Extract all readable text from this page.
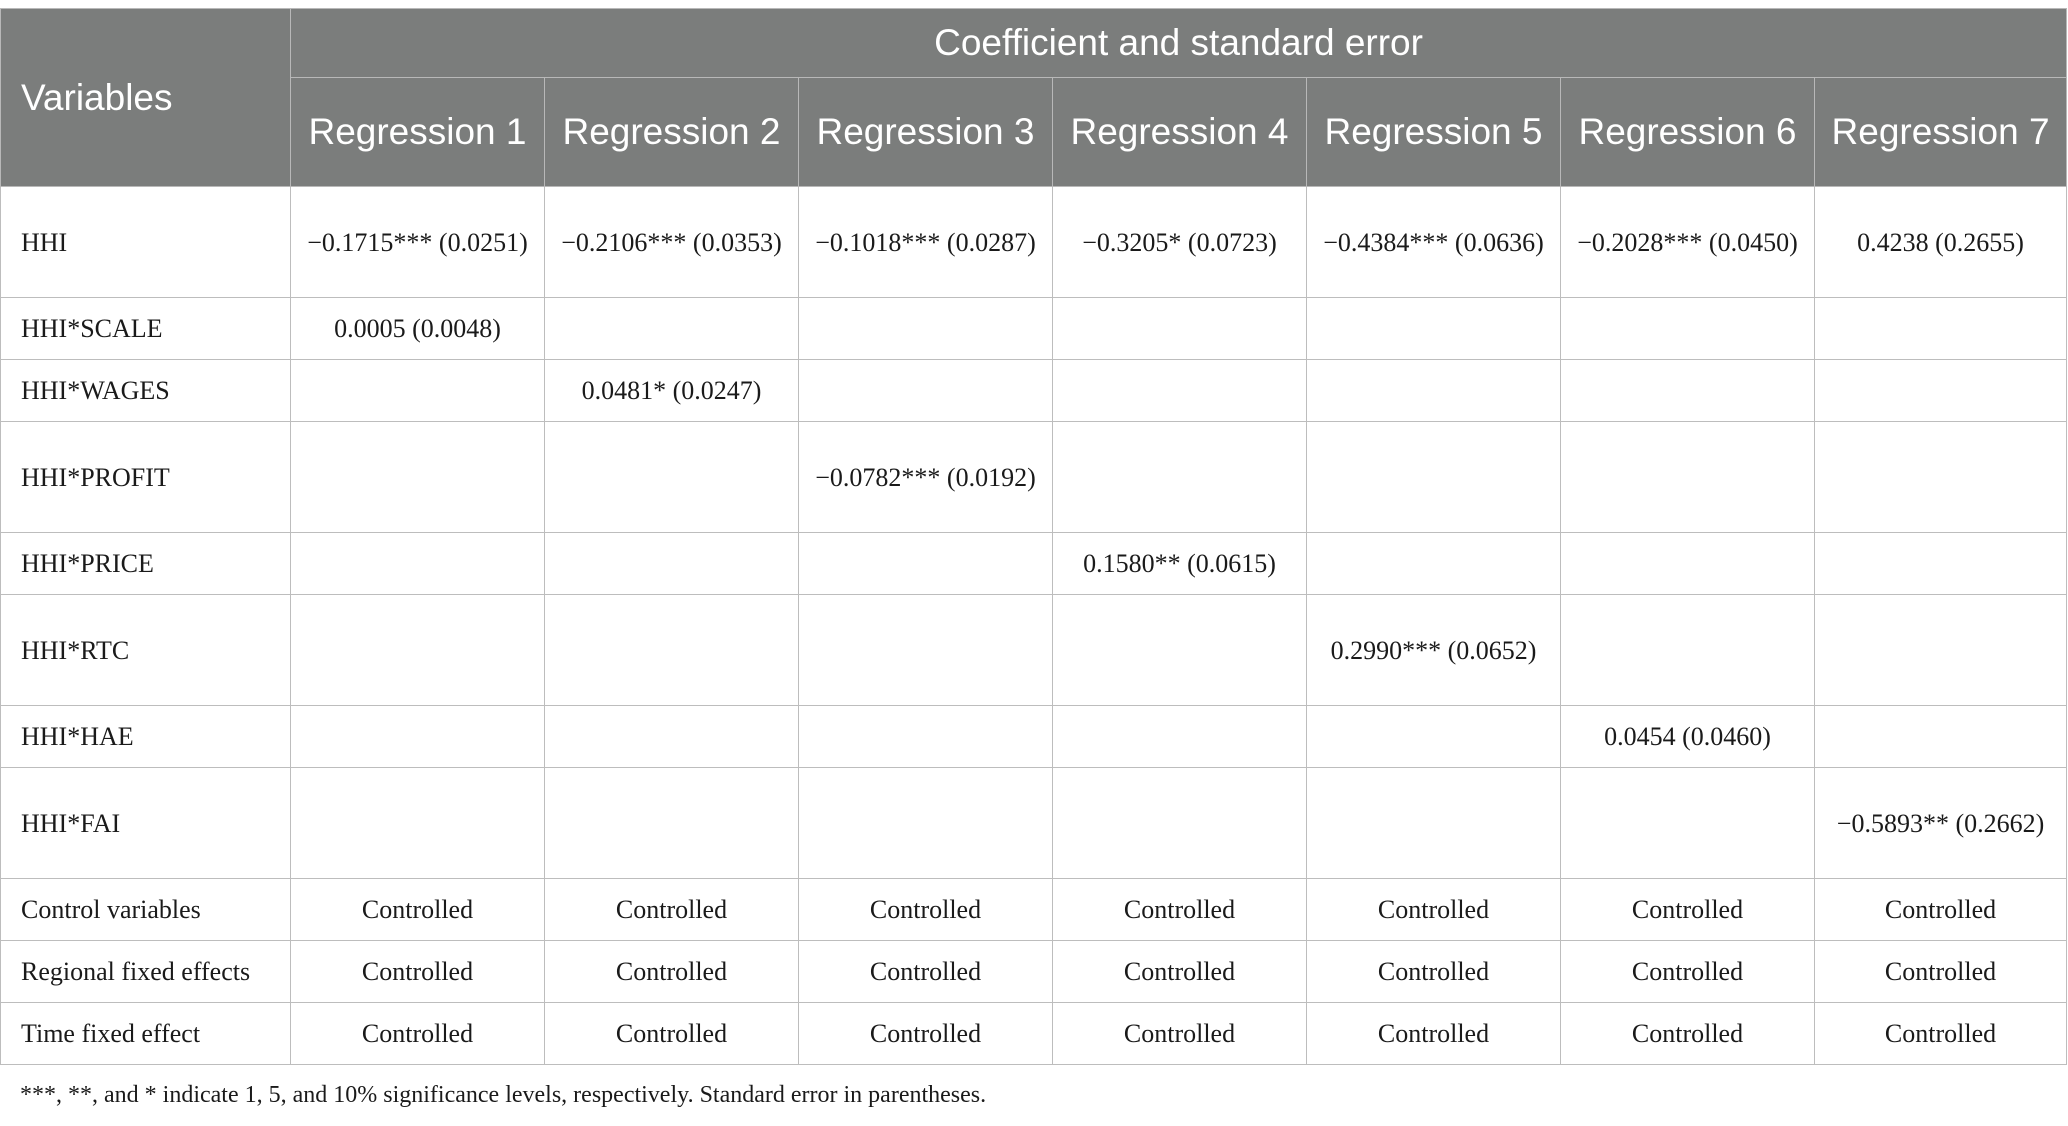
Variables	Coefficient and standard error						
	Regression 1	Regression 2	Regression 3	Regression 4	Regression 5	Regression 6	Regression 7
HHI	−0.1715*** (0.0251)	−0.2106*** (0.0353)	−0.1018*** (0.0287)	−0.3205* (0.0723)	−0.4384*** (0.0636)	−0.2028*** (0.0450)	0.4238 (0.2655)
HHI*SCALE	0.0005 (0.0048)						
HHI*WAGES		0.0481* (0.0247)					
HHI*PROFIT			−0.0782*** (0.0192)				
HHI*PRICE				0.1580** (0.0615)			
HHI*RTC					0.2990*** (0.0652)		
HHI*HAE						0.0454 (0.0460)	
HHI*FAI							−0.5893** (0.2662)
Control variables	Controlled	Controlled	Controlled	Controlled	Controlled	Controlled	Controlled
Regional fixed effects	Controlled	Controlled	Controlled	Controlled	Controlled	Controlled	Controlled
Time fixed effect	Controlled	Controlled	Controlled	Controlled	Controlled	Controlled	Controlled
***, **, and * indicate 1, 5, and 10% significance levels, respectively. Standard error in parentheses.
